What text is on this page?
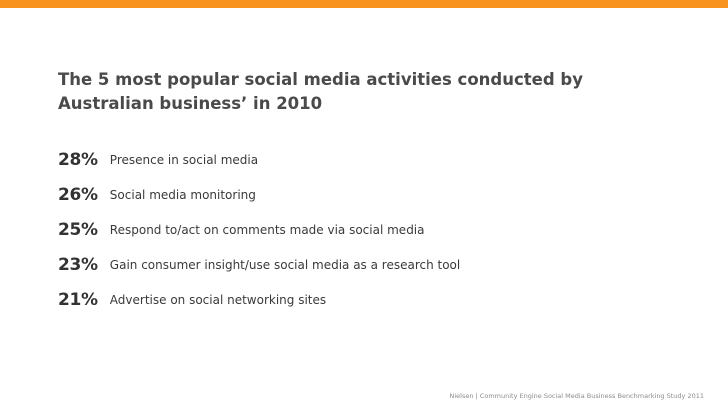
The 5 most popular social media activities conducted by Australian business’ in 2010
28% Presence in social media
26% Social media monitoring
25% Respond to/act on comments made via social media
23% Gain consumer insight/use social media as a research tool
21% Advertise on social networking sites
Nielsen | Community Engine Social Media Business Benchmarking Study 2011
